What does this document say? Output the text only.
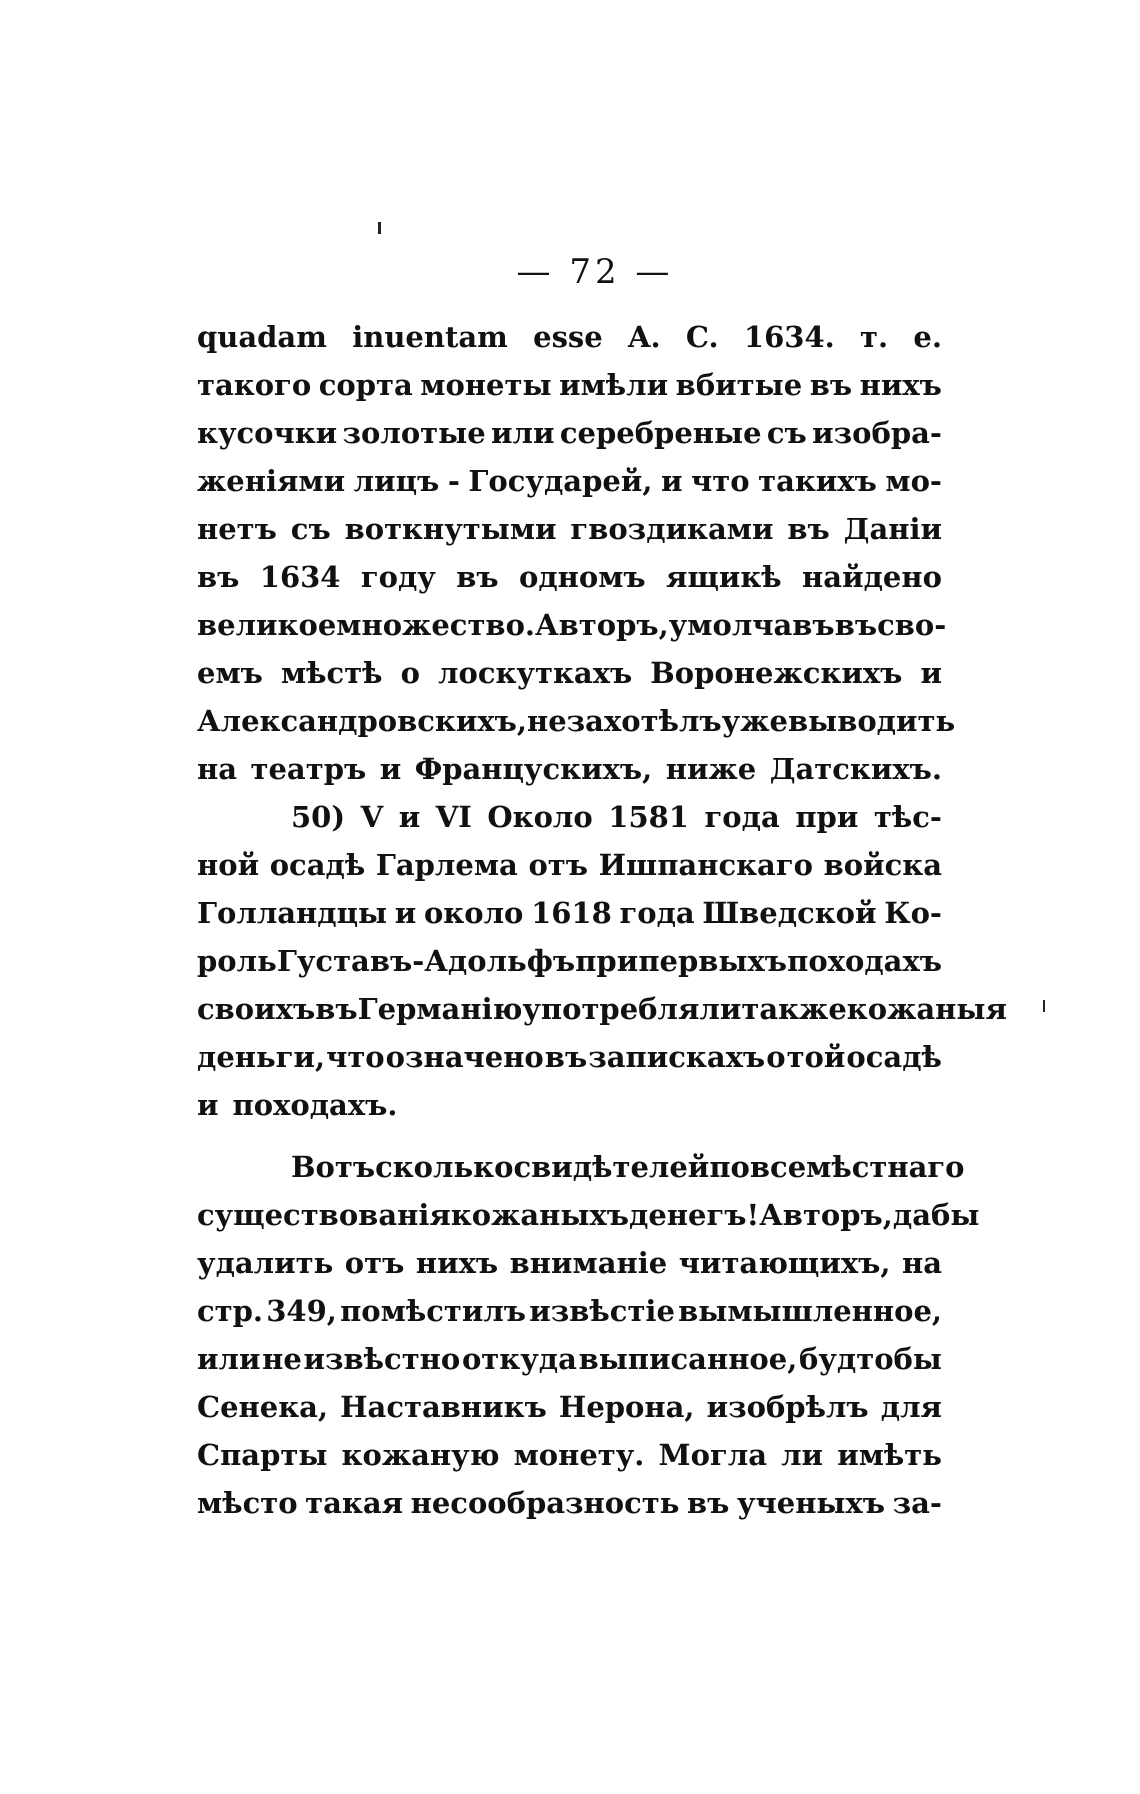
— 72 —
quadam inuentam esse A. C. 1634. т. е.
такого сорта монеты имѣли вбитые въ нихъ
кусочки золотые или серебреные съ изобра-
женіями лицъ - Государей, и что такихъ мо-
нетъ съ воткнутыми гвоздиками въ Даніи
въ 1634 году въ одномъ ящикѣ найдено
великое множество. Авторъ, умолчавъ въ сво-
емъ мѣстѣ о лоскуткахъ Воронежскихъ и
Александровскихъ, не захотѣлъ уже выводить
на театръ и Француcкихъ, ниже Датскихъ.
50) V и VI Около 1581 года при тѣс-
ной осадѣ Гарлема отъ Ишпанскаго войска
Голландцы и около 1618 года Шведской Ко-
роль Густавъ-Адольфъ при первыхъ походахъ
своихъ въ Германію употребляли также кожаныя
деньги, что означено въ запискахъ о той осадѣ
и походахъ.
Вотъ сколько свидѣтелей повсемѣстнаго
существованія кожаныхъ денегъ! Авторъ, дабы
удалить отъ нихъ вниманіе читающихъ, на
стр. 349, помѣстилъ извѣстіе вымышленное,
или не извѣстно откуда выписанное, будтобы
Сенека, Наставникъ Нерона, изобрѣлъ для
Спарты кожаную монету. Могла ли имѣть
мѣсто такая несообразность въ ученыхъ за-
